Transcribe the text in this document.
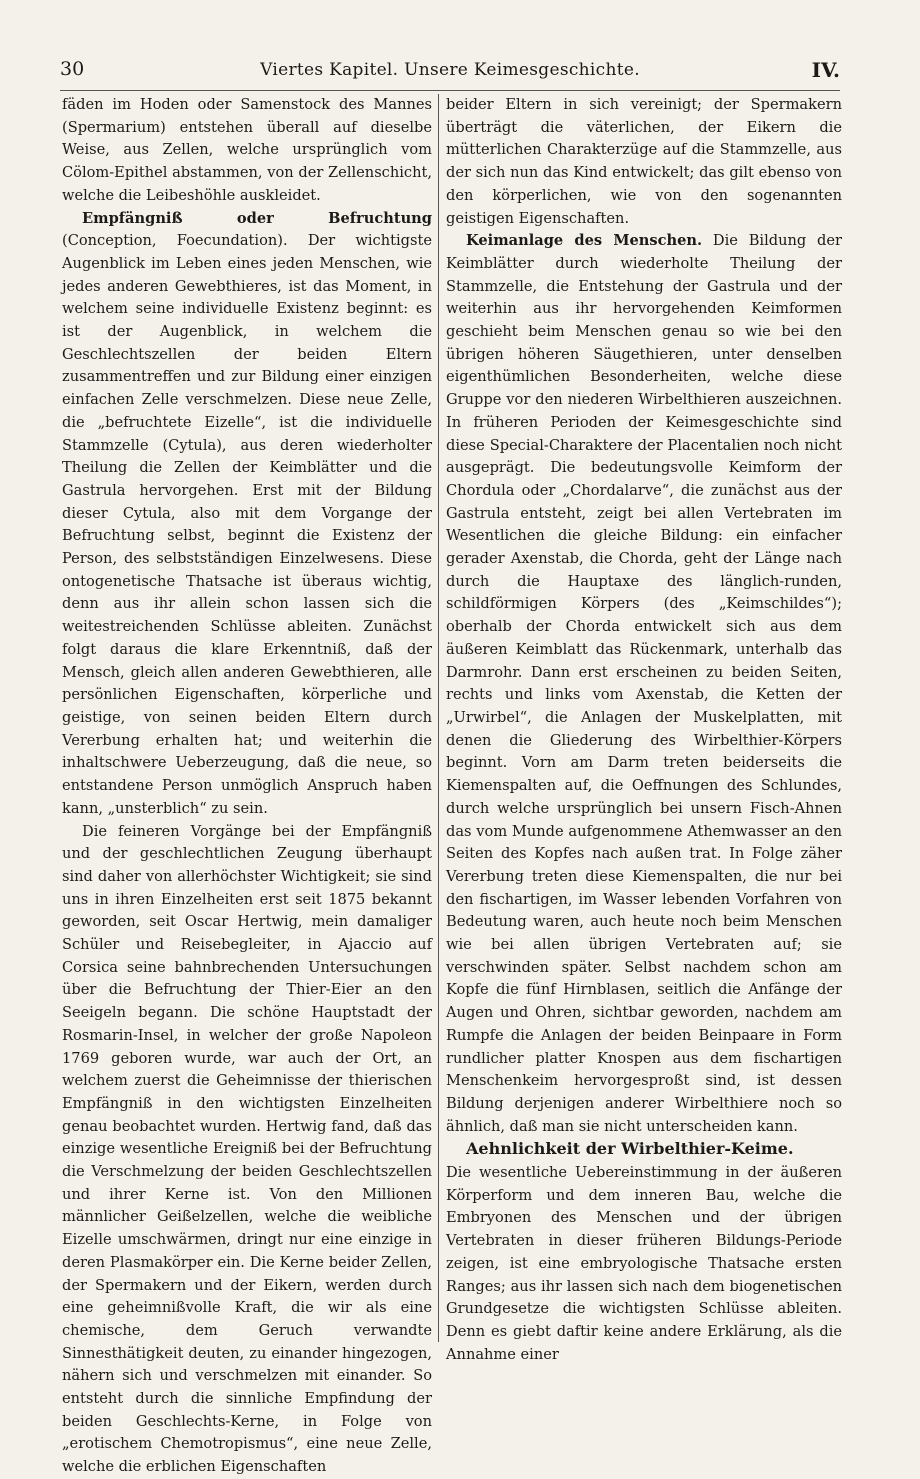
30	Viertes Kapitel. Unsere Keimesgeschichte.	IV.

fäden im Hoden oder Samenstock des Mannes (Spermarium) entstehen überall auf dieselbe Weise, aus Zellen, welche ursprünglich vom Cölom-Epithel abstammen, von der Zellenschicht, welche die Leibeshöhle auskleidet.

Empfängniß oder Befruchtung (Conception, Foecundation). Der wichtigste Augenblick im Leben eines jeden Menschen, wie jedes anderen Gewebthieres, ist das Moment, in welchem seine individuelle Existenz beginnt: es ist der Augenblick, in welchem die Geschlechtszellen der beiden Eltern zusammentreffen und zur Bildung einer einzigen einfachen Zelle verschmelzen. Diese neue Zelle, die „befruchtete Eizelle“, ist die individuelle Stammzelle (Cytula), aus deren wiederholter Theilung die Zellen der Keimblätter und die Gastrula hervorgehen. Erst mit der Bildung dieser Cytula, also mit dem Vorgange der Befruchtung selbst, beginnt die Existenz der Person, des selbstständigen Einzelwesens. Diese ontogenetische Thatsache ist überaus wichtig, denn aus ihr allein schon lassen sich die weitestreichenden Schlüsse ableiten. Zunächst folgt daraus die klare Erkenntniß, daß der Mensch, gleich allen anderen Gewebthieren, alle persönlichen Eigenschaften, körperliche und geistige, von seinen beiden Eltern durch Vererbung erhalten hat; und weiterhin die inhaltschwere Ueberzeugung, daß die neue, so entstandene Person unmöglich Anspruch haben kann, „unsterblich“ zu sein.

Die feineren Vorgänge bei der Empfängniß und der geschlechtlichen Zeugung überhaupt sind daher von allerhöchster Wichtigkeit; sie sind uns in ihren Einzelheiten erst seit 1875 bekannt geworden, seit Oscar Hertwig, mein damaliger Schüler und Reisebegleiter, in Ajaccio auf Corsica seine bahnbrechenden Untersuchungen über die Befruchtung der Thier-Eier an den Seeigeln begann. Die schöne Hauptstadt der Rosmarin-Insel, in welcher der große Napoleon 1769 geboren wurde, war auch der Ort, an welchem zuerst die Geheimnisse der thierischen Empfängniß in den wichtigsten Einzelheiten genau beobachtet wurden. Hertwig fand, daß das einzige wesentliche Ereigniß bei der Befruchtung die Verschmelzung der beiden Geschlechtszellen und ihrer Kerne ist. Von den Millionen männlicher Geißelzellen, welche die weibliche Eizelle umschwärmen, dringt nur eine einzige in deren Plasmakörper ein. Die Kerne beider Zellen, der Spermakern und der Eikern, werden durch eine geheimnißvolle Kraft, die wir als eine chemische, dem Geruch verwandte Sinnesthätigkeit deuten, zu einander hingezogen, nähern sich und verschmelzen mit einander. So entsteht durch die sinnliche Empfindung der beiden Geschlechts-Kerne, in Folge von „erotischem Chemotropismus“, eine neue Zelle, welche die erblichen Eigenschaften

beider Eltern in sich vereinigt; der Spermakern überträgt die väterlichen, der Eikern die mütterlichen Charakterzüge auf die Stammzelle, aus der sich nun das Kind entwickelt; das gilt ebenso von den körperlichen, wie von den sogenannten geistigen Eigenschaften.

Keimanlage des Menschen. Die Bildung der Keimblätter durch wiederholte Theilung der Stammzelle, die Entstehung der Gastrula und der weiterhin aus ihr hervorgehenden Keimformen geschieht beim Menschen genau so wie bei den übrigen höheren Säugethieren, unter denselben eigenthümlichen Besonderheiten, welche diese Gruppe vor den niederen Wirbelthieren auszeichnen. In früheren Perioden der Keimesgeschichte sind diese Special-Charaktere der Placentalien noch nicht ausgeprägt. Die bedeutungsvolle Keimform der Chordula oder „Chordalarve“, die zunächst aus der Gastrula entsteht, zeigt bei allen Vertebraten im Wesentlichen die gleiche Bildung: ein einfacher gerader Axenstab, die Chorda, geht der Länge nach durch die Hauptaxe des länglich-runden, schildförmigen Körpers (des „Keimschildes“); oberhalb der Chorda entwickelt sich aus dem äußeren Keimblatt das Rückenmark, unterhalb das Darmrohr. Dann erst erscheinen zu beiden Seiten, rechts und links vom Axenstab, die Ketten der „Urwirbel“, die Anlagen der Muskelplatten, mit denen die Gliederung des Wirbelthier-Körpers beginnt. Vorn am Darm treten beiderseits die Kiemenspalten auf, die Oeffnungen des Schlundes, durch welche ursprünglich bei unsern Fisch-Ahnen das vom Munde aufgenommene Athemwasser an den Seiten des Kopfes nach außen trat. In Folge zäher Vererbung treten diese Kiemenspalten, die nur bei den fischartigen, im Wasser lebenden Vorfahren von Bedeutung waren, auch heute noch beim Menschen wie bei allen übrigen Vertebraten auf; sie verschwinden später. Selbst nachdem schon am Kopfe die fünf Hirnblasen, seitlich die Anfänge der Augen und Ohren, sichtbar geworden, nachdem am Rumpfe die Anlagen der beiden Beinpaare in Form rundlicher platter Knospen aus dem fischartigen Menschenkeim hervorgesproßt sind, ist dessen Bildung derjenigen anderer Wirbelthiere noch so ähnlich, daß man sie nicht unterscheiden kann.

Aehnlichkeit der Wirbelthier-Keime.

Die wesentliche Uebereinstimmung in der äußeren Körperform und dem inneren Bau, welche die Embryonen des Menschen und der übrigen Vertebraten in dieser früheren Bildungs-Periode zeigen, ist eine embryologische Thatsache ersten Ranges; aus ihr lassen sich nach dem biogenetischen Grundgesetze die wichtigsten Schlüsse ableiten. Denn es giebt daftir keine andere Erklärung, als die Annahme einer
